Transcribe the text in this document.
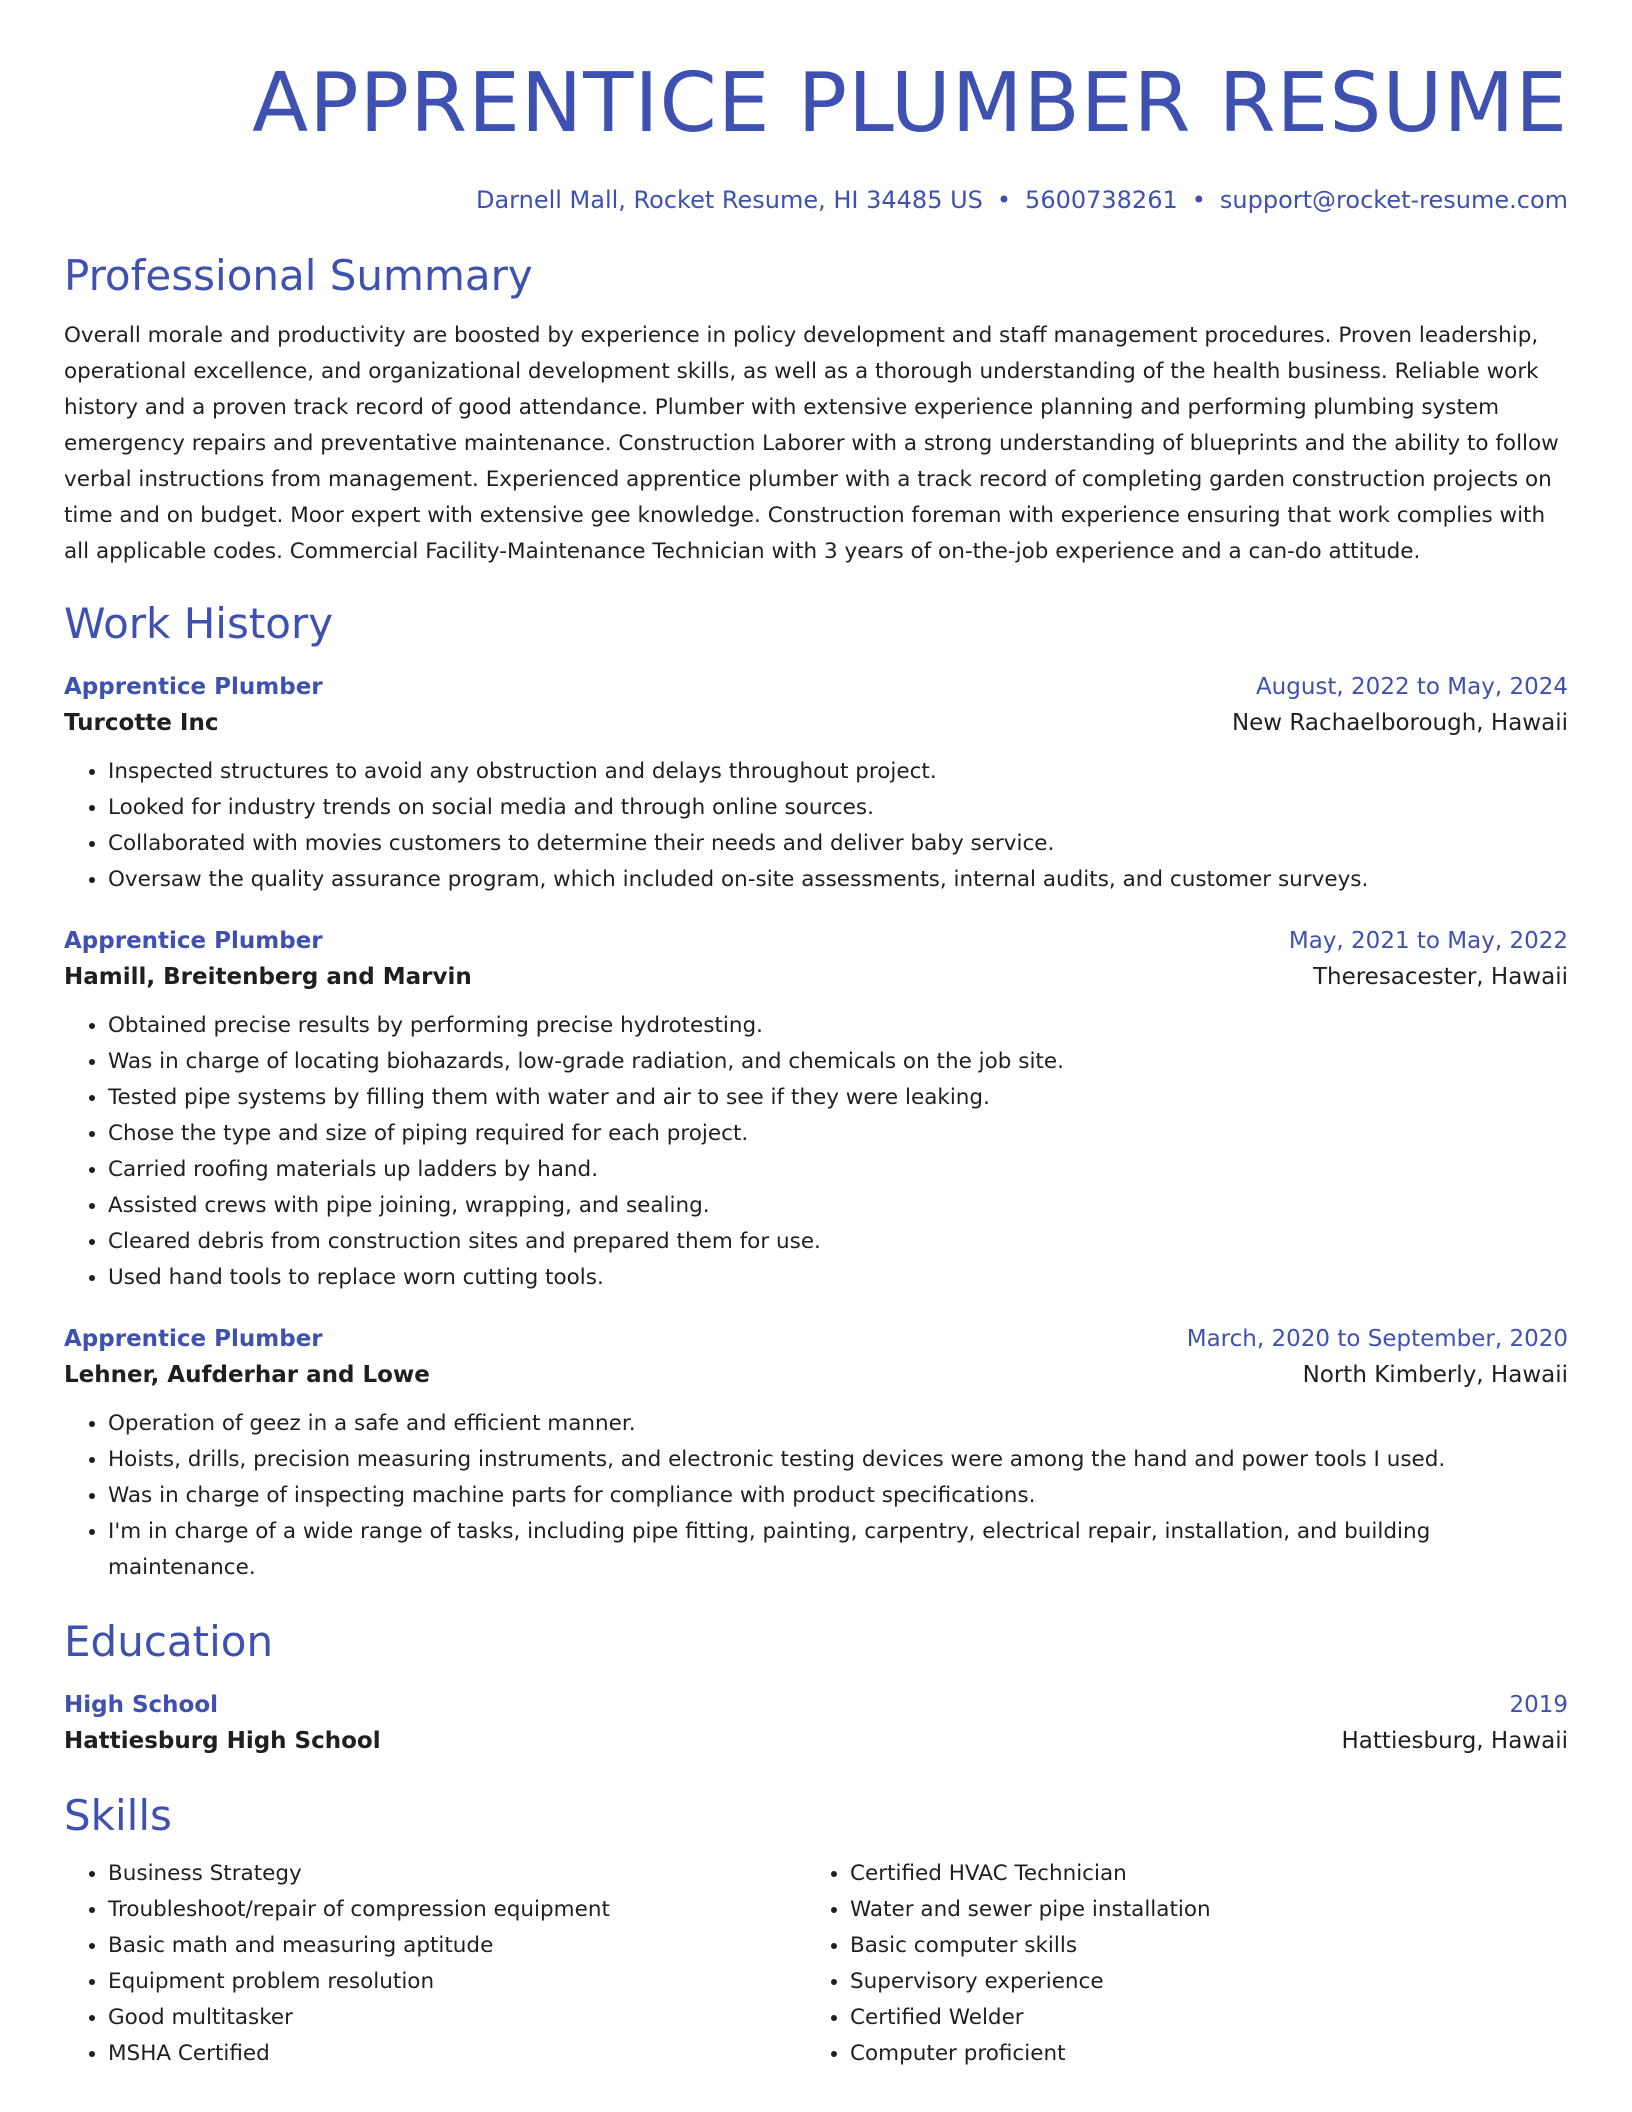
APPRENTICE PLUMBER RESUME
Darnell Mall, Rocket Resume, HI 34485 US • 5600738261 • support@rocket-resume.com
Professional Summary
Overall morale and productivity are boosted by experience in policy development and staff management procedures. Proven leadership, operational excellence, and organizational development skills, as well as a thorough understanding of the health business. Reliable work history and a proven track record of good attendance. Plumber with extensive experience planning and performing plumbing system emergency repairs and preventative maintenance. Construction Laborer with a strong understanding of blueprints and the ability to follow verbal instructions from management. Experienced apprentice plumber with a track record of completing garden construction projects on time and on budget. Moor expert with extensive gee knowledge. Construction foreman with experience ensuring that work complies with all applicable codes. Commercial Facility-Maintenance Technician with 3 years of on-the-job experience and a can-do attitude.
Work History
Apprentice Plumber	August, 2022 to May, 2024
Turcotte Inc	New Rachaelborough, Hawaii
• Inspected structures to avoid any obstruction and delays throughout project.
• Looked for industry trends on social media and through online sources.
• Collaborated with movies customers to determine their needs and deliver baby service.
• Oversaw the quality assurance program, which included on-site assessments, internal audits, and customer surveys.
Apprentice Plumber	May, 2021 to May, 2022
Hamill, Breitenberg and Marvin	Theresacester, Hawaii
• Obtained precise results by performing precise hydrotesting.
• Was in charge of locating biohazards, low-grade radiation, and chemicals on the job site.
• Tested pipe systems by filling them with water and air to see if they were leaking.
• Chose the type and size of piping required for each project.
• Carried roofing materials up ladders by hand.
• Assisted crews with pipe joining, wrapping, and sealing.
• Cleared debris from construction sites and prepared them for use.
• Used hand tools to replace worn cutting tools.
Apprentice Plumber	March, 2020 to September, 2020
Lehner, Aufderhar and Lowe	North Kimberly, Hawaii
• Operation of geez in a safe and efficient manner.
• Hoists, drills, precision measuring instruments, and electronic testing devices were among the hand and power tools I used.
• Was in charge of inspecting machine parts for compliance with product specifications.
• I'm in charge of a wide range of tasks, including pipe fitting, painting, carpentry, electrical repair, installation, and building maintenance.
Education
High School	2019
Hattiesburg High School	Hattiesburg, Hawaii
Skills
• Business Strategy
• Troubleshoot/repair of compression equipment
• Basic math and measuring aptitude
• Equipment problem resolution
• Good multitasker
• MSHA Certified
• Certified HVAC Technician
• Water and sewer pipe installation
• Basic computer skills
• Supervisory experience
• Certified Welder
• Computer proficient
